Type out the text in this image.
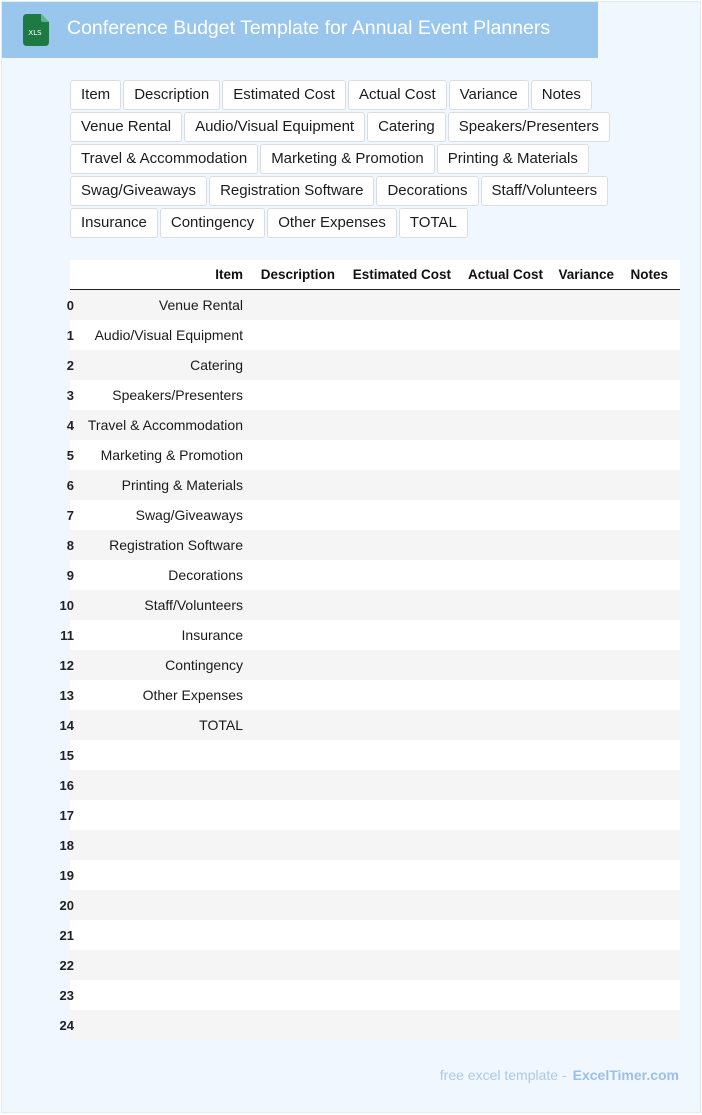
XLS Conference Budget Template for Annual Event Planners
Item	Description	Estimated Cost	Actual Cost	Variance	Notes
Venue Rental	Audio/Visual Equipment	Catering	Speakers/Presenters
Travel & Accommodation	Marketing & Promotion	Printing & Materials
Swag/Giveaways	Registration Software	Decorations	Staff/Volunteers
Insurance	Contingency	Other Expenses	TOTAL
Item	Description	Estimated Cost	Actual Cost	Variance	Notes
0	Venue Rental
1	Audio/Visual Equipment
2	Catering
3	Speakers/Presenters
4 Travel & Accommodation
5	Marketing & Promotion
6	Printing & Materials
7	Swag/Giveaways
8	Registration Software
9	Decorations
10	Staff/Volunteers
11	Insurance
12	Contingency
13	Other Expenses
14	TOTAL
15
16
17
18
19
20
21
22
23
24
free excel template - ExcelTimer.com
